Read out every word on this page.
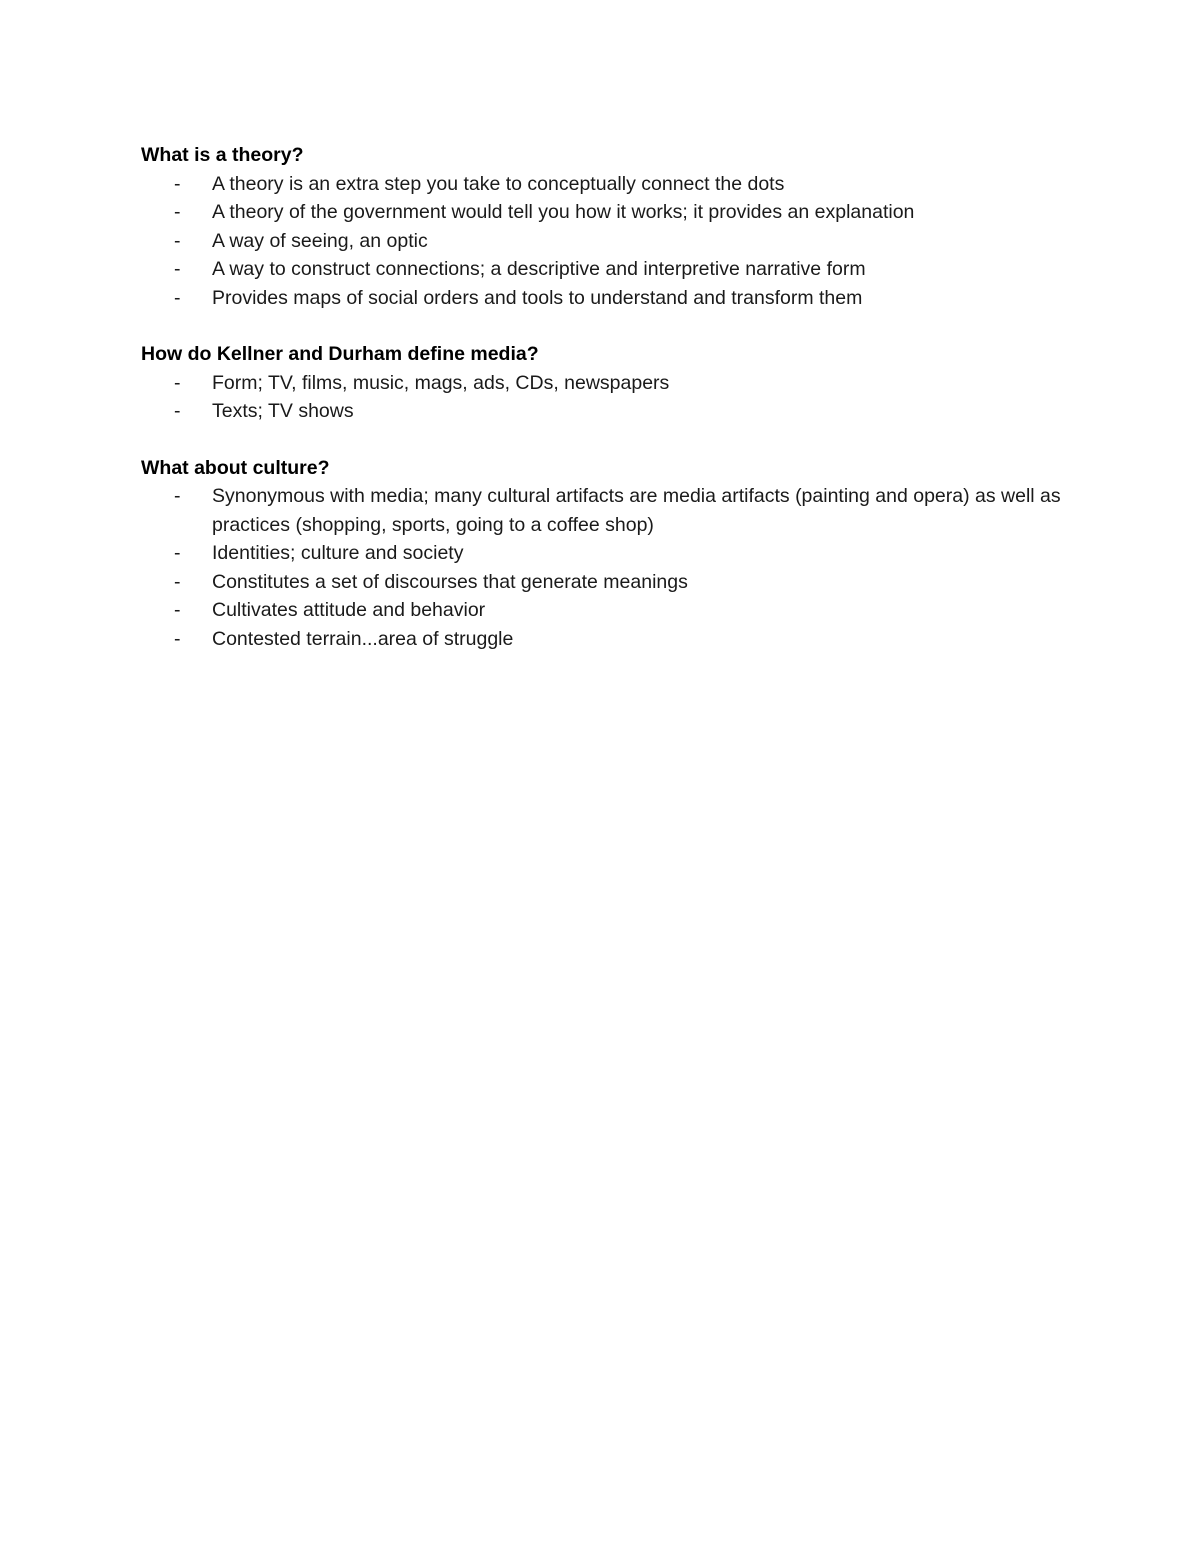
What is a theory?

- A theory is an extra step you take to conceptually connect the dots
- A theory of the government would tell you how it works; it provides an explanation
- A way of seeing, an optic
- A way to construct connections; a descriptive and interpretive narrative form
- Provides maps of social orders and tools to understand and transform them

How do Kellner and Durham define media?

- Form; TV, films, music, mags, ads, CDs, newspapers
- Texts; TV shows

What about culture?

- Synonymous with media; many cultural artifacts are media artifacts (painting and opera) as well as practices (shopping, sports, going to a coffee shop)
- Identities; culture and society
- Constitutes a set of discourses that generate meanings
- Cultivates attitude and behavior
- Contested terrain...area of struggle
